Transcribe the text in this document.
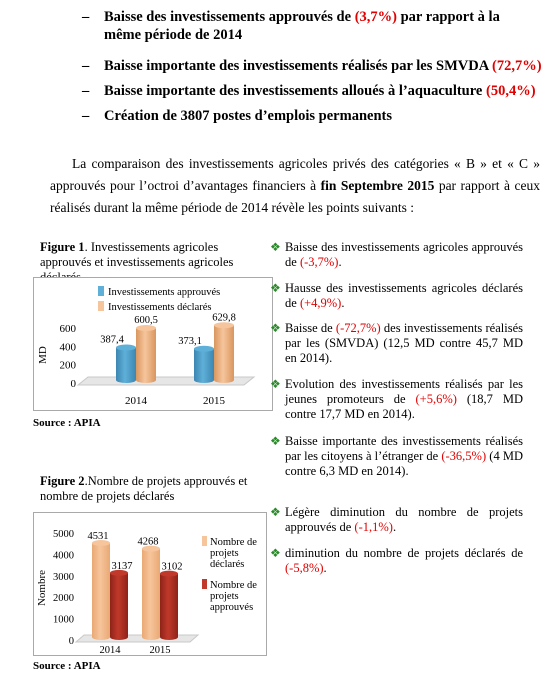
– Baisse des investissements approuvés de (3,7%) par rapport à la même période de 2014
– Baisse importante des investissements réalisés par les SMVDA (72,7%)
– Baisse importante des investissements alloués à l’aquaculture (50,4%)
– Création de 3807 postes d’emplois permanents
La comparaison des investissements agricoles privés des catégories « B » et « C » approuvés pour l’octroi d’avantages financiers à fin Septembre 2015 par rapport à ceux réalisés durant la même période de 2014 révèle les points suivants :
Figure 1. Investissements agricoles approuvés et investissements agricoles
0
200
400
600
MD
Investissements approuvés
Investissements déclarés
387,4
600,5
2014
373,1
629,8
2015
Source : APIA
Figure 2.Nombre de projets approuvés et nombre de projets déclarés
0
1000
2000
3000
4000
5000
Nombre
4531
3137
2014
4268
3102
2015
Nombre de projets déclarés
Nombre de projets approuvés
Source : APIA
❖ Baisse des investissements agricoles approuvés de (-3,7%).
❖ Hausse des investissements agricoles déclarés de (+4,9%).
❖ Baisse de (-72,7%) des investissements réalisés par les (SMVDA) (12,5 MD contre 45,7 MD en 2014).
❖ Evolution des investissements réalisés par les jeunes promoteurs de (+5,6%) (18,7 MD contre 17,7 MD en 2014).
❖ Baisse importante des investissements réalisés par les citoyens à l’étranger de (-36,5%) (4 MD contre 6,3 MD en 2014).
❖ Légère diminution du nombre de projets approuvés de (-1,1%).
❖ diminution du nombre de projets déclarés de (-5,8%).
